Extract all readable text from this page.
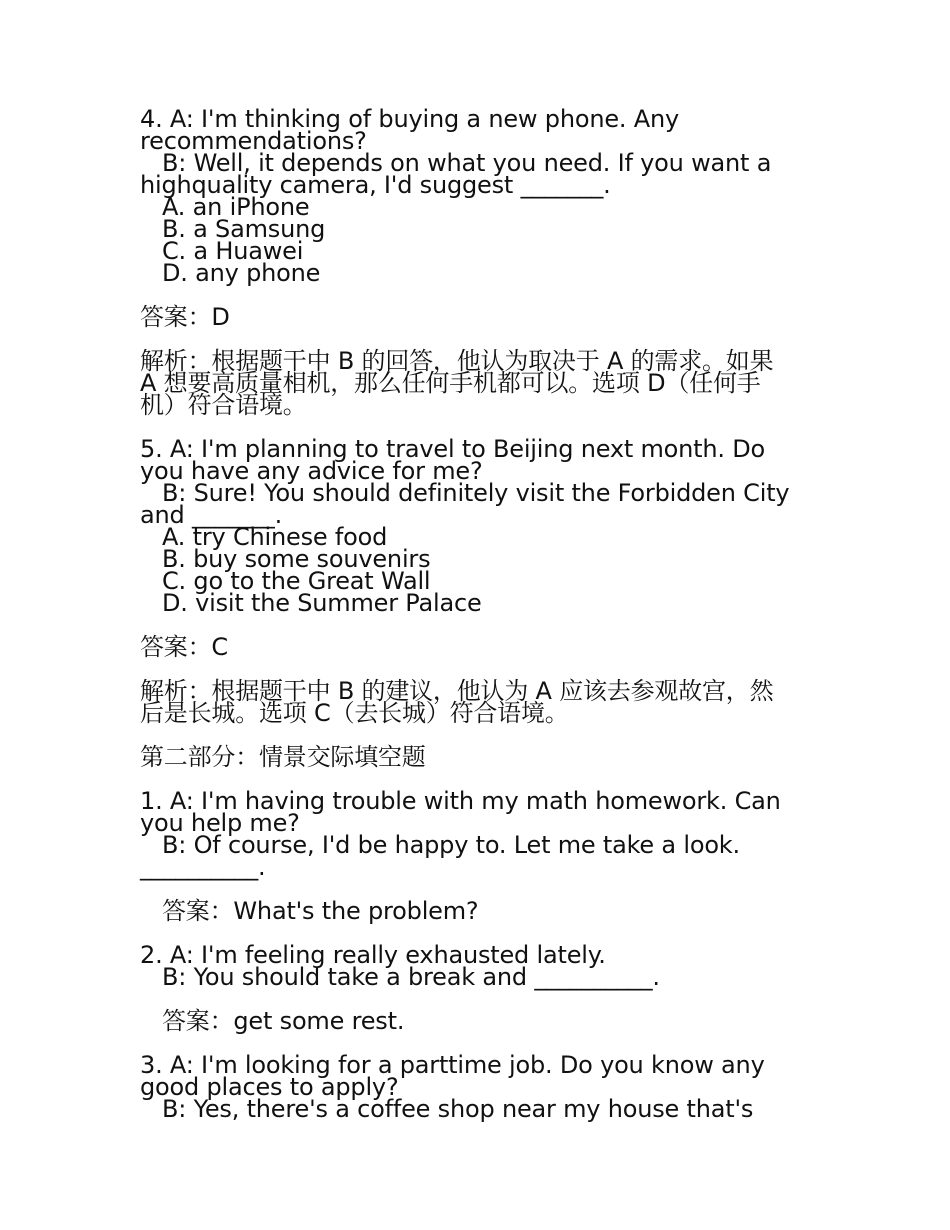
4. A: I'm thinking of buying a new phone. Any
recommendations?
B: Well, it depends on what you need. If you want a
highquality camera, I'd suggest _______.
A. an iPhone
B. a Samsung
C. a Huawei
D. any phone
答案：D
解析：根据题干中 B 的回答，他认为取决于 A 的需求。如果
A 想要高质量相机，那么任何手机都可以。选项 D（任何手
机）符合语境。
5. A: I'm planning to travel to Beijing next month. Do
you have any advice for me?
B: Sure! You should definitely visit the Forbidden City
and _______.
A. try Chinese food
B. buy some souvenirs
C. go to the Great Wall
D. visit the Summer Palace
答案：C
解析：根据题干中 B 的建议，他认为 A 应该去参观故宫，然
后是长城。选项 C（去长城）符合语境。
第二部分：情景交际填空题
1. A: I'm having trouble with my math homework. Can
you help me?
B: Of course, I'd be happy to. Let me take a look.
__________.
答案：What's the problem?
2. A: I'm feeling really exhausted lately.
B: You should take a break and __________.
答案：get some rest.
3. A: I'm looking for a parttime job. Do you know any
good places to apply?
B: Yes, there's a coffee shop near my house that's
